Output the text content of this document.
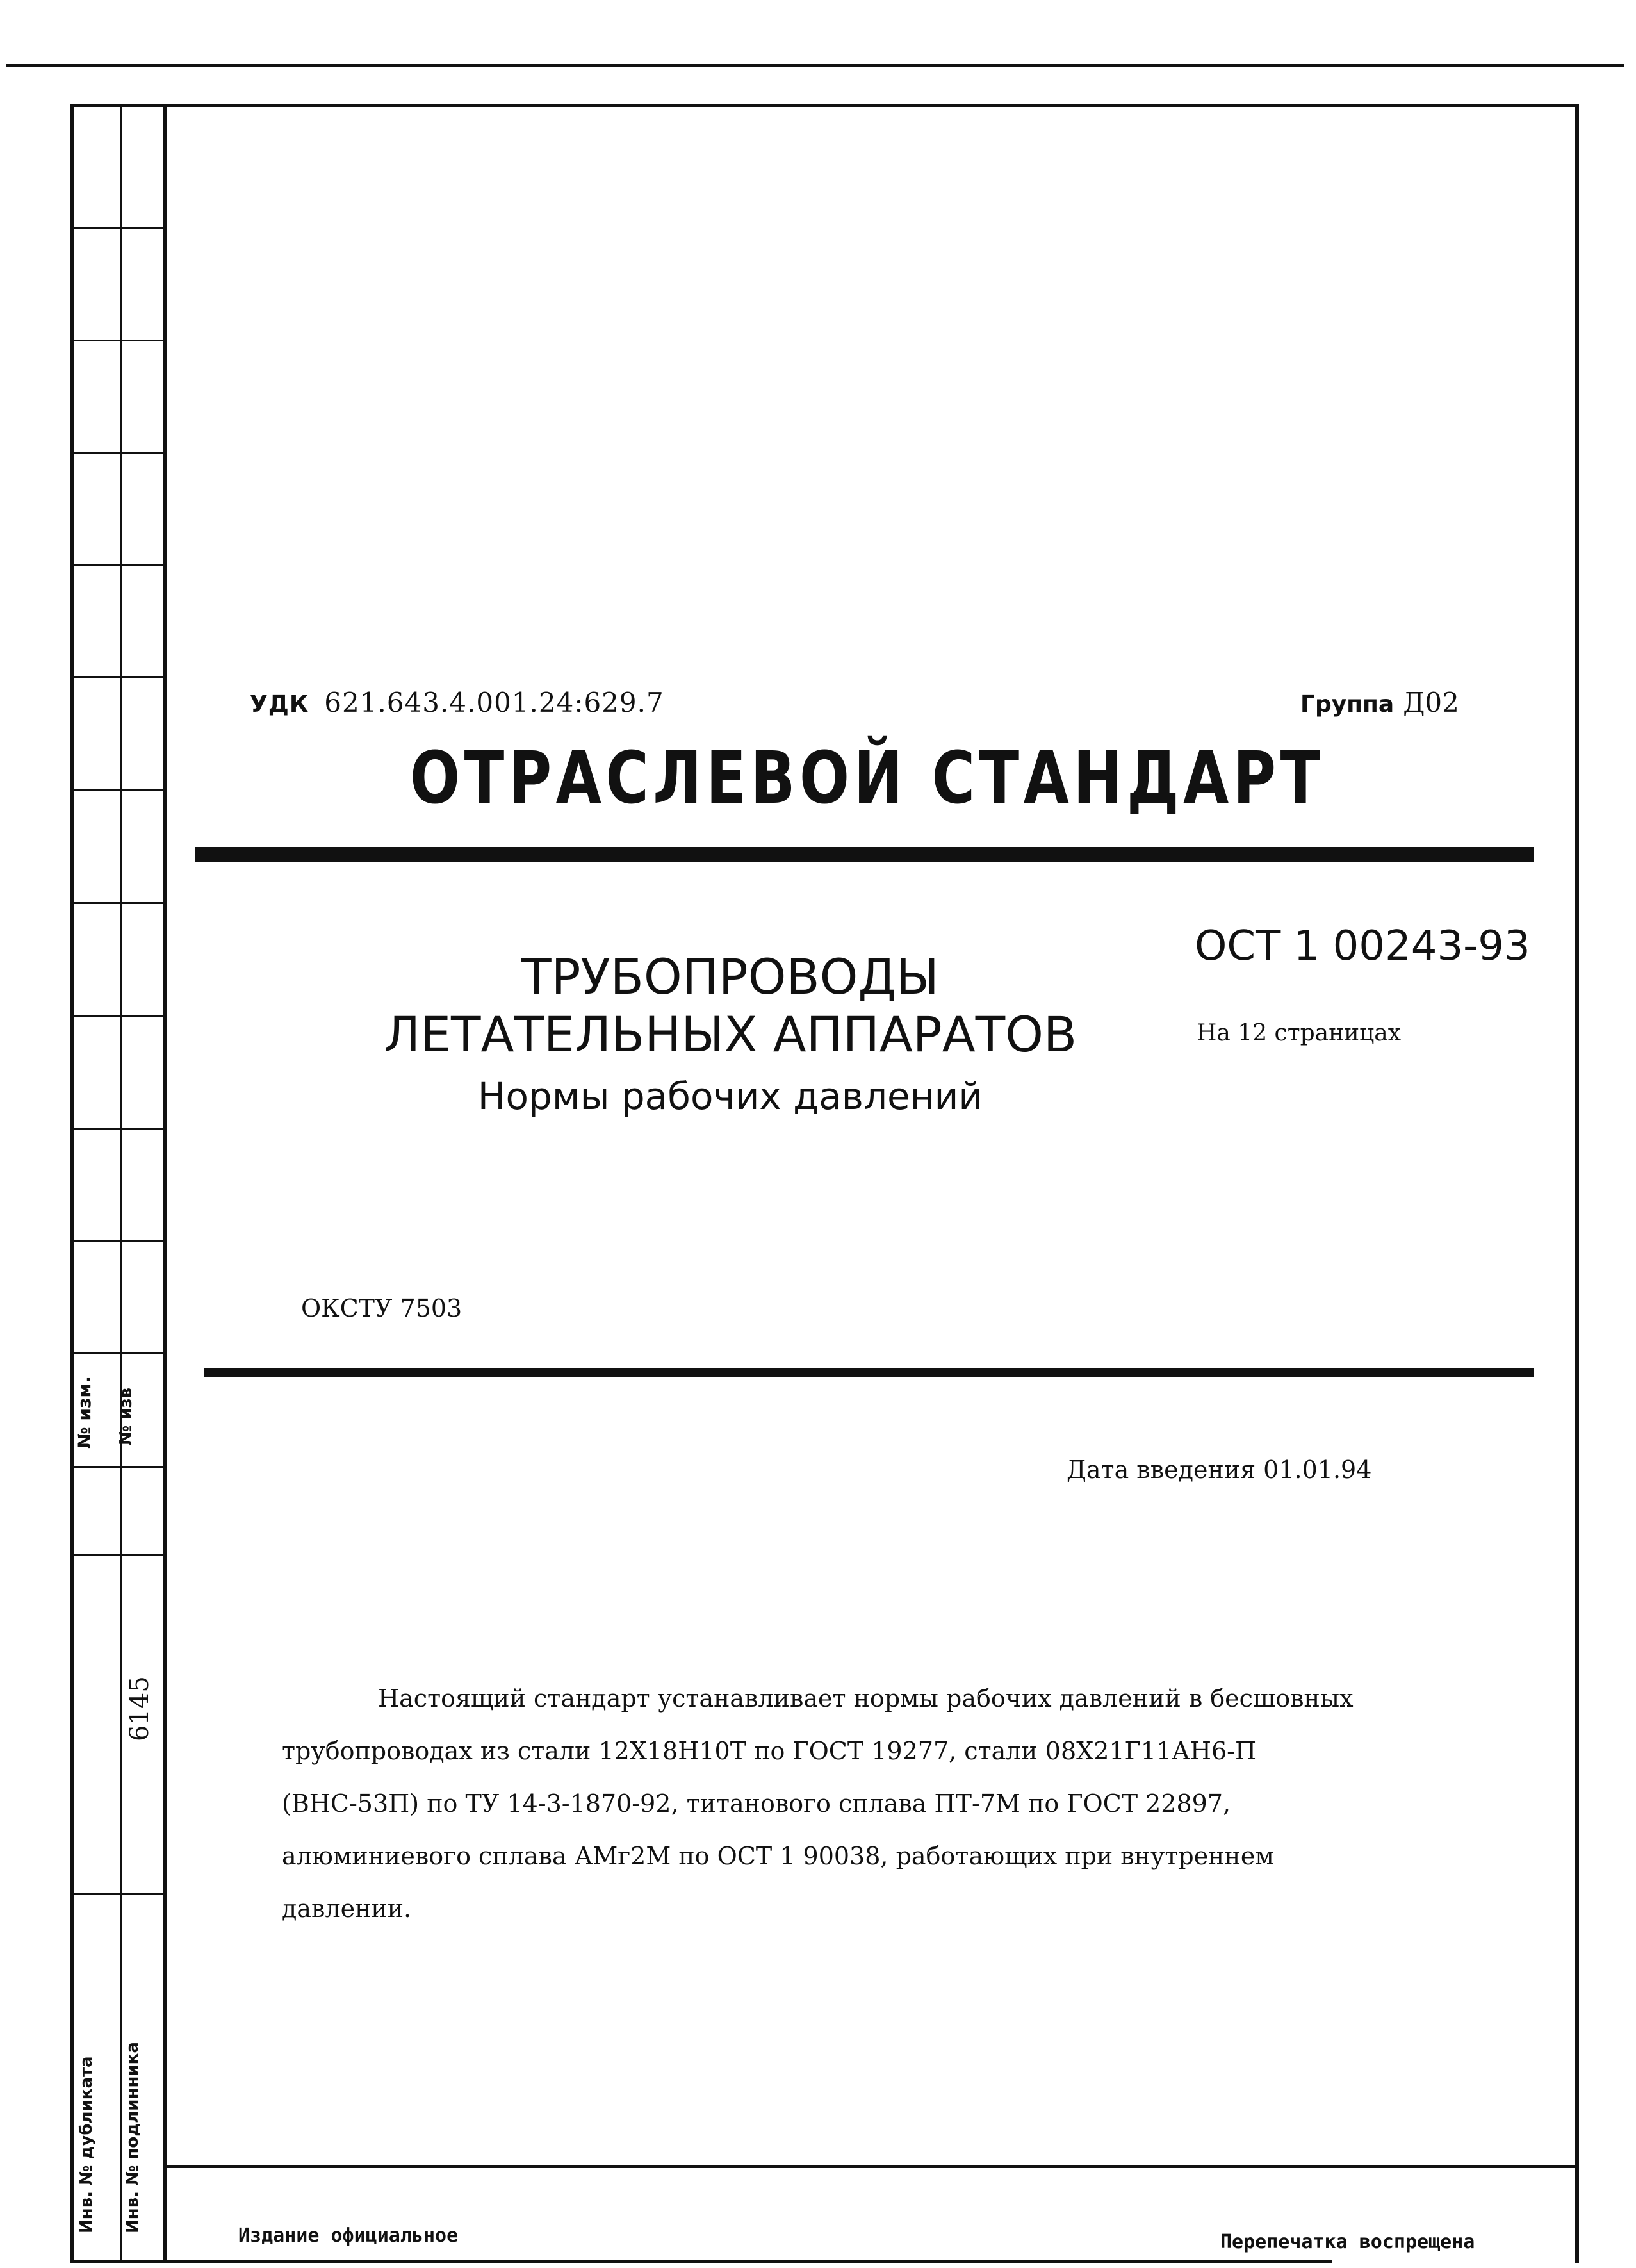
№ изм. № изв
6145
Инв. № дубликата Инв. № подлинника
УДК 621.643.4.001.24:629.7	Группа Д02
ОТРАСЛЕВОЙ СТАНДАРТ
ТРУБОПРОВОДЫ
ЛЕТАТЕЛЬНЫХ АППАРАТОВ
Нормы рабочих давлений
ОСТ 1 00243-93
На 12 страницах
ОКСТУ 7503
Дата введения 01.01.94
Настоящий стандарт устанавливает нормы рабочих давлений в бесшовных
трубопроводах из стали 12Х18Н10Т по ГОСТ 19277, стали 08Х21Г11АН6-П
(ВНС-53П) по ТУ 14-3-1870-92, титанового сплава ПТ-7М по ГОСТ 22897,
алюминиевого сплава АМг2М по ОСТ 1 90038, работающих при внутреннем
давлении.
Издание официальное	Перепечатка воспрещена
